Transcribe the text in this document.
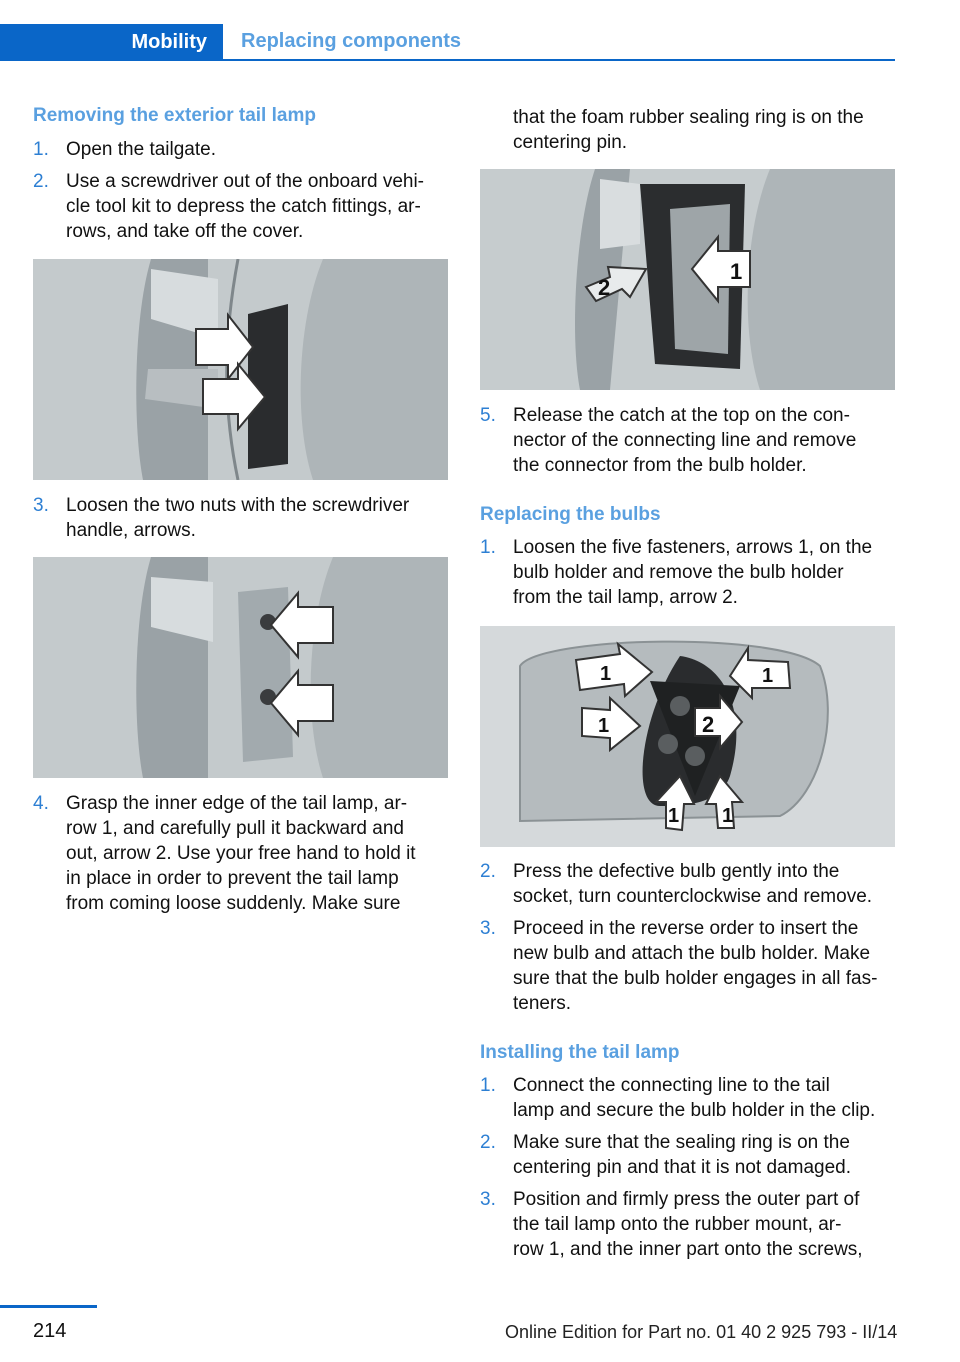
Mobility Replacing components
Removing the exterior tail lamp
1. Open the tailgate.
2. Use a screwdriver out of the onboard vehi-
cle tool kit to depress the catch fittings, ar-
rows, and take off the cover.
3. Loosen the two nuts with the screwdriver
handle, arrows.
4. Grasp the inner edge of the tail lamp, ar-
row 1, and carefully pull it backward and
out, arrow 2. Use your free hand to hold it
in place in order to prevent the tail lamp
from coming loose suddenly. Make sure
that the foam rubber sealing ring is on the
centering pin.
1
2
5. Release the catch at the top on the con-
nector of the connecting line and remove
the connector from the bulb holder.
Replacing the bulbs
1. Loosen the five fasteners, arrows 1, on the
bulb holder and remove the bulb holder
from the tail lamp, arrow 2.
2
1	1
1
1 1
2. Press the defective bulb gently into the
socket, turn counterclockwise and remove.
3. Proceed in the reverse order to insert the
new bulb and attach the bulb holder. Make
sure that the bulb holder engages in all fas-
teners.
Installing the tail lamp
1. Connect the connecting line to the tail
lamp and secure the bulb holder in the clip.
2. Make sure that the sealing ring is on the
centering pin and that it is not damaged.
3. Position and firmly press the outer part of
the tail lamp onto the rubber mount, ar-
row 1, and the inner part onto the screws,
214	Online Edition for Part no. 01 40 2 925 793 - II/14
